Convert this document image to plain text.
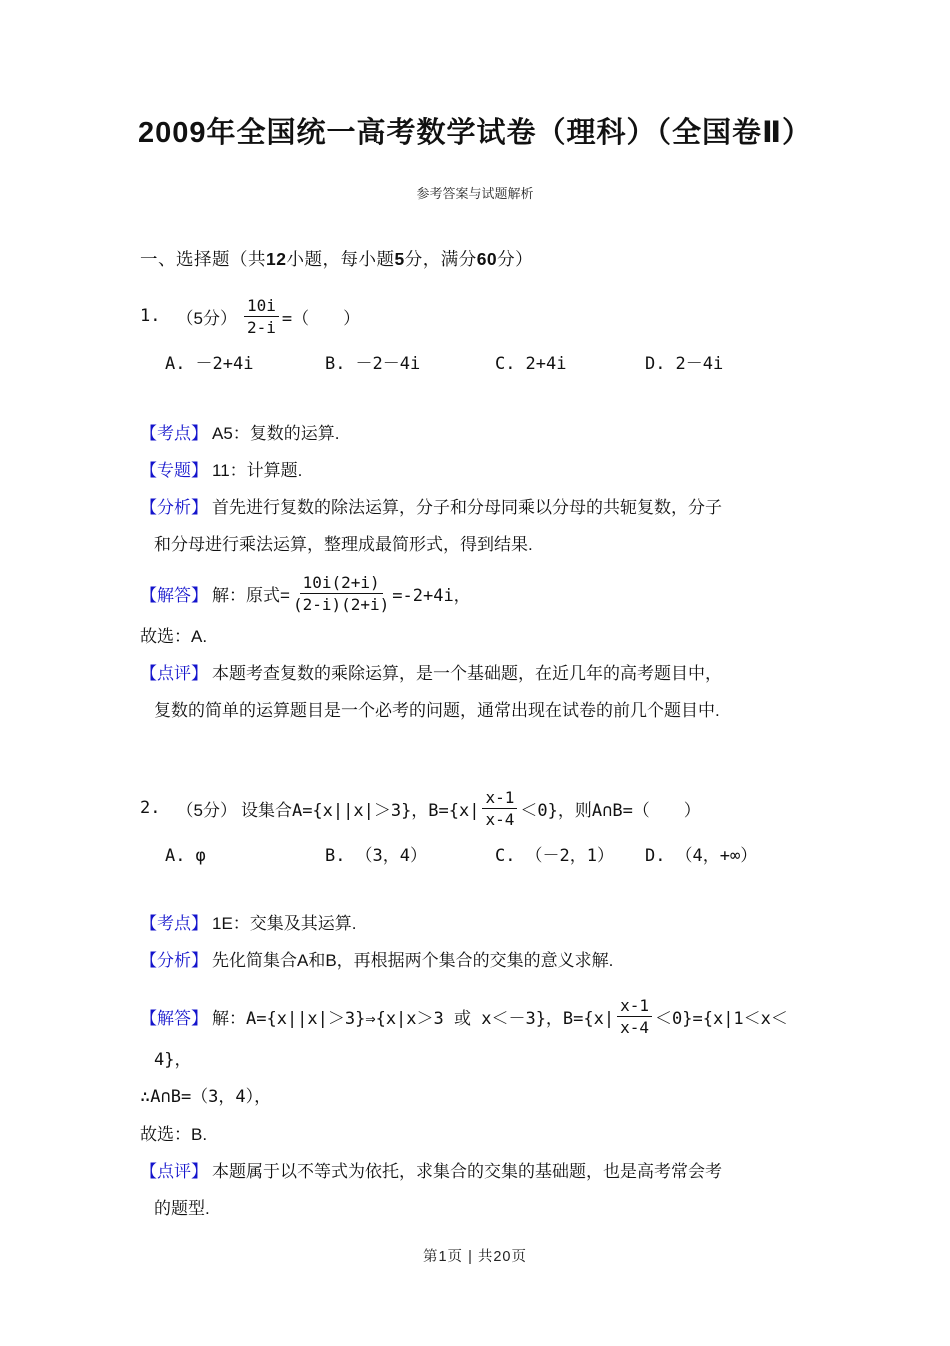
2009年全国统一高考数学试卷（理科）（全国卷Ⅱ）
参考答案与试题解析
一、选择题（共12小题，每小题5分，满分60分）
1. （5分） $\frac{10i}{2-i}$ =（　　）
A. －2+4i	B. －2－4i	C. 2+4i	D. 2－4i
【考点】 A5：复数的运算.
【专题】 11：计算题.
【分析】 首先进行复数的除法运算，分子和分母同乘以分母的共轭复数，分子
和分母进行乘法运算，整理成最简形式，得到结果.
【解答】 解：原式= $\frac{10i(2+i)}{(2-i)(2+i)} =-2+4i$，
故选：A.
【点评】 本题考查复数的乘除运算，是一个基础题，在近几年的高考题目中，
复数的简单的运算题目是一个必考的问题，通常出现在试卷的前几个题目中.
2. （5分） 设集合A={x||x|＞3}，$B=\{x| \frac{x-1}{x-4} <0\}$，则A∩B=（　　）
A. φ	B. （3，4）	C. （－2，1）	D. （4，+∞）
【考点】 1E：交集及其运算.
【分析】 先化简集合A和B，再根据两个集合的交集的意义求解.
【解答】 解：A={x||x|＞3}⇒{x|x＞3 或 x＜－3}，$B=\{x| \frac{x-1}{x-4} <0\}=\{x|1<x<$
4}，
∴A∩B=（3，4），
故选：B.
【点评】 本题属于以不等式为依托，求集合的交集的基础题，也是高考常会考
的题型.
第1页 | 共20页
